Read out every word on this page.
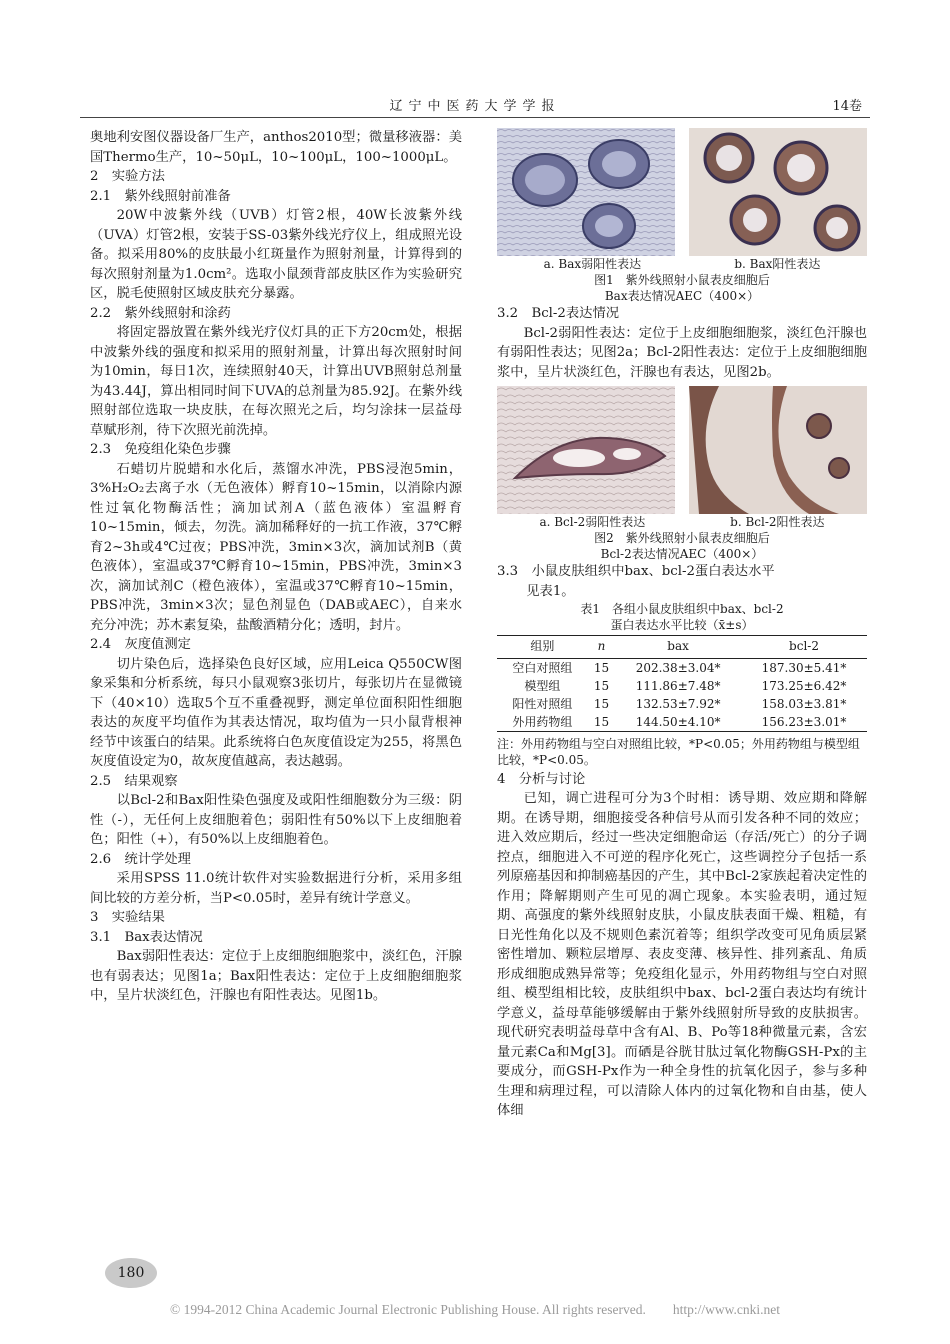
辽宁中医药大学学报	14卷

奥地利安图仪器设备厂生产，anthos2010型；微量移液器：美国Thermo生产，10~50μL，10~100μL，100~1000μL。

2　实验方法

2.1　紫外线照射前准备

20W中波紫外线（UVB）灯管2根，40W长波紫外线（UVA）灯管2根，安装于SS-03紫外线光疗仪上，组成照光设备。拟采用80%的皮肤最小红斑量作为照射剂量，计算得到的每次照射剂量为1.0cm²。选取小鼠颈背部皮肤区作为实验研究区，脱毛使照射区域皮肤充分暴露。

2.2　紫外线照射和涂药

将固定器放置在紫外线光疗仪灯具的正下方20cm处，根据中波紫外线的强度和拟采用的照射剂量，计算出每次照射时间为10min，每日1次，连续照射40天，计算出UVB照射总剂量为43.44J，算出相同时间下UVA的总剂量为85.92J。在紫外线照射部位选取一块皮肤，在每次照光之后，均匀涂抹一层益母草赋形剂，待下次照光前洗掉。

2.3　免疫组化染色步骤

石蜡切片脱蜡和水化后，蒸馏水冲洗，PBS浸泡5min，3%H₂O₂去离子水（无色液体）孵育10~15min，以消除内源性过氧化物酶活性；滴加试剂A（蓝色液体）室温孵育10~15min，倾去，勿洗。滴加稀释好的一抗工作液，37℃孵育2~3h或4℃过夜；PBS冲洗，3min×3次，滴加试剂B（黄色液体），室温或37℃孵育10~15min，PBS冲洗，3min×3次，滴加试剂C（橙色液体），室温或37℃孵育10~15min，PBS冲洗，3min×3次；显色剂显色（DAB或AEC），自来水充分冲洗；苏木素复染，盐酸酒精分化；透明，封片。

2.4　灰度值测定

切片染色后，选择染色良好区域，应用Leica Q550CW图象采集和分析系统，每只小鼠观察3张切片，每张切片在显微镜下（40×10）选取5个互不重叠视野，测定单位面积阳性细胞表达的灰度平均值作为其表达情况，取均值为一只小鼠背根神经节中该蛋白的结果。此系统将白色灰度值设定为255，将黑色灰度值设定为0，故灰度值越高，表达越弱。

2.5　结果观察

以Bcl-2和Bax阳性染色强度及或阳性细胞数分为三级：阴性（-），无任何上皮细胞着色；弱阳性有50%以下上皮细胞着色；阳性（+），有50%以上皮细胞着色。

2.6　统计学处理

采用SPSS 11.0统计软件对实验数据进行分析，采用多组间比较的方差分析，当P<0.05时，差异有统计学意义。

3　实验结果

3.1　Bax表达情况

Bax弱阳性表达：定位于上皮细胞细胞浆中，淡红色，汗腺也有弱表达；见图1a；Bax阳性表达：定位于上皮细胞细胞浆中，呈片状淡红色，汗腺也有阳性表达。见图1b。

a. Bax弱阳性表达	b. Bax阳性表达
图1　紫外线照射小鼠表皮细胞后
Bax表达情况AEC（400×）

3.2　Bcl-2表达情况

Bcl-2弱阳性表达：定位于上皮细胞细胞浆，淡红色汗腺也有弱阳性表达；见图2a；Bcl-2阳性表达：定位于上皮细胞细胞浆中，呈片状淡红色，汗腺也有表达，见图2b。

a. Bcl-2弱阳性表达	b. Bcl-2阳性表达
图2　紫外线照射小鼠表皮细胞后
Bcl-2表达情况AEC（400×）

3.3　小鼠皮肤组织中bax、bcl-2蛋白表达水平

见表1。

表1　各组小鼠皮肤组织中bax、bcl-2
蛋白表达水平比较（x̄±s）
组别	n	bax	bcl-2
空白对照组	15	202.38±3.04*	187.30±5.41*
模型组	15	111.86±7.48*	173.25±6.42*
阳性对照组	15	132.53±7.92*	158.03±3.81*
外用药物组	15	144.50±4.10*	156.23±3.01*
注：外用药物组与空白对照组比较，*P<0.05；外用药物组与模型组比较，*P<0.05。

4　分析与讨论

已知，调亡进程可分为3个时相：诱导期、效应期和降解期。在诱导期，细胞接受各种信号从而引发各种不同的效应；进入效应期后，经过一些决定细胞命运（存活/死亡）的分子调控点，细胞进入不可逆的程序化死亡，这些调控分子包括一系列原癌基因和抑制癌基因的产生，其中Bcl-2家族起着决定性的作用；降解期则产生可见的凋亡现象。本实验表明，通过短期、高强度的紫外线照射皮肤，小鼠皮肤表面干燥、粗糙，有日光性角化以及不规则色素沉着等；组织学改变可见角质层紧密性增加、颗粒层增厚、表皮变薄、核异性、排列紊乱、角质形成细胞成熟异常等；免疫组化显示，外用药物组与空白对照组、模型组相比较，皮肤组织中bax、bcl-2蛋白表达均有统计学意义，益母草能够缓解由于紫外线照射所导致的皮肤损害。现代研究表明益母草中含有Al、B、Po等18种微量元素，含宏量元素Ca和Mg[3]。而硒是谷胱甘肽过氧化物酶GSH-Px的主要成分，而GSH-Px作为一种全身性的抗氧化因子，参与多种生理和病理过程，可以清除人体内的过氧化物和自由基，使人体细

180
© 1994-2012 China Academic Journal Electronic Publishing House. All rights reserved.　　http://www.cnki.net
